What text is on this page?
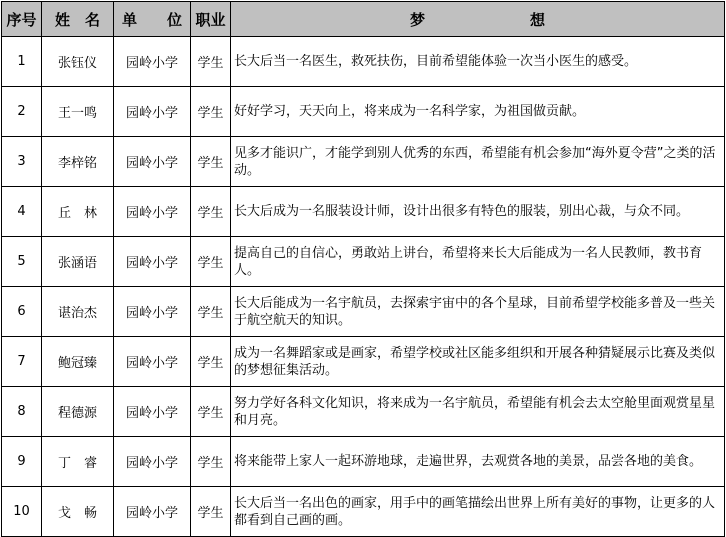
序号	姓　名	单　　位	职业	梦　　　　　　　想
1	张钰仪	园岭小学	学生	长大后当一名医生，救死扶伤，目前希望能体验一次当小医生的感受。
2	王一鸣	园岭小学	学生	好好学习，天天向上，将来成为一名科学家，为祖国做贡献。
3	李梓铭	园岭小学	学生	见多才能识广，才能学到别人优秀的东西，希望能有机会参加“海外夏令营”之类的活动。
4	丘　林	园岭小学	学生	长大后成为一名服装设计师，设计出很多有特色的服装，别出心裁，与众不同。
5	张涵语	园岭小学	学生	提高自己的自信心，勇敢站上讲台，希望将来长大后能成为一名人民教师，教书育人。
6	谌治杰	园岭小学	学生	长大后能成为一名宇航员，去探索宇宙中的各个星球，目前希望学校能多普及一些关于航空航天的知识。
7	鲍冠臻	园岭小学	学生	成为一名舞蹈家或是画家，希望学校或社区能多组织和开展各种猜疑展示比赛及类似的梦想征集活动。
8	程德源	园岭小学	学生	努力学好各科文化知识，将来成为一名宇航员，希望能有机会去太空舱里面观赏星星和月亮。
9	丁　睿	园岭小学	学生	将来能带上家人一起环游地球，走遍世界，去观赏各地的美景，品尝各地的美食。
10	戈　畅	园岭小学	学生	长大后当一名出色的画家，用手中的画笔描绘出世界上所有美好的事物，让更多的人都看到自己画的画。
